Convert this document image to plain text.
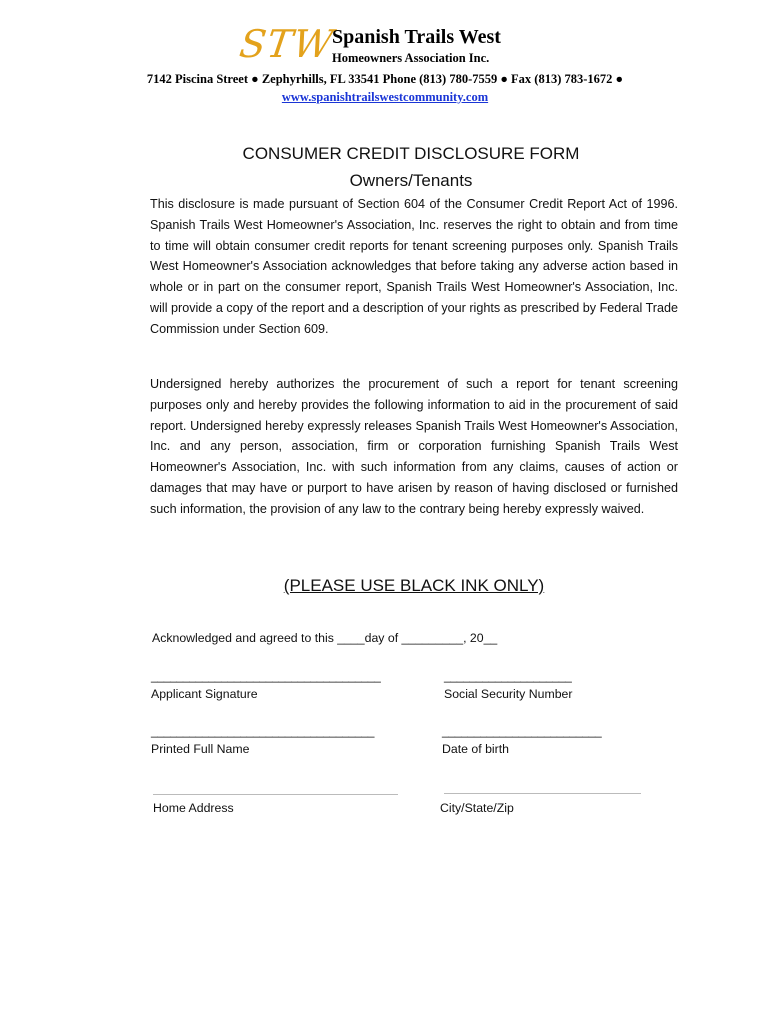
STW
Spanish Trails West
Homeowners Association Inc.
7142 Piscina Street ● Zephyrhills, FL 33541 Phone (813) 780-7559 ● Fax (813) 783-1672 ●
www.spanishtrailswestcommunity.com
CONSUMER CREDIT DISCLOSURE FORM
Owners/Tenants
This disclosure is made pursuant of Section 604 of the Consumer Credit Report Act of 1996. Spanish Trails West Homeowner's Association, Inc. reserves the right to obtain and from time to time will obtain consumer credit reports for tenant screening purposes only. Spanish Trails West Homeowner's Association acknowledges that before taking any adverse action based in whole or in part on the consumer report, Spanish Trails West Homeowner's Association, Inc. will provide a copy of the report and a description of your rights as prescribed by Federal Trade Commission under Section 609.
Undersigned hereby authorizes the procurement of such a report for tenant screening purposes only and hereby provides the following information to aid in the procurement of said report. Undersigned hereby expressly releases Spanish Trails West Homeowner's Association, Inc. and any person, association, firm or corporation furnishing Spanish Trails West Homeowner's Association, Inc. with such information from any claims, causes of action or damages that may have or purport to have arisen by reason of having disclosed or furnished such information, the provision of any law to the contrary being hereby expressly waived.
(PLEASE USE BLACK INK ONLY)
Acknowledged and agreed to this ____day of _________, 20__
____________________________________
Applicant Signature
____________________
Social Security Number
___________________________________
Printed Full Name
_________________________
Date of birth
Home Address	City/State/Zip
